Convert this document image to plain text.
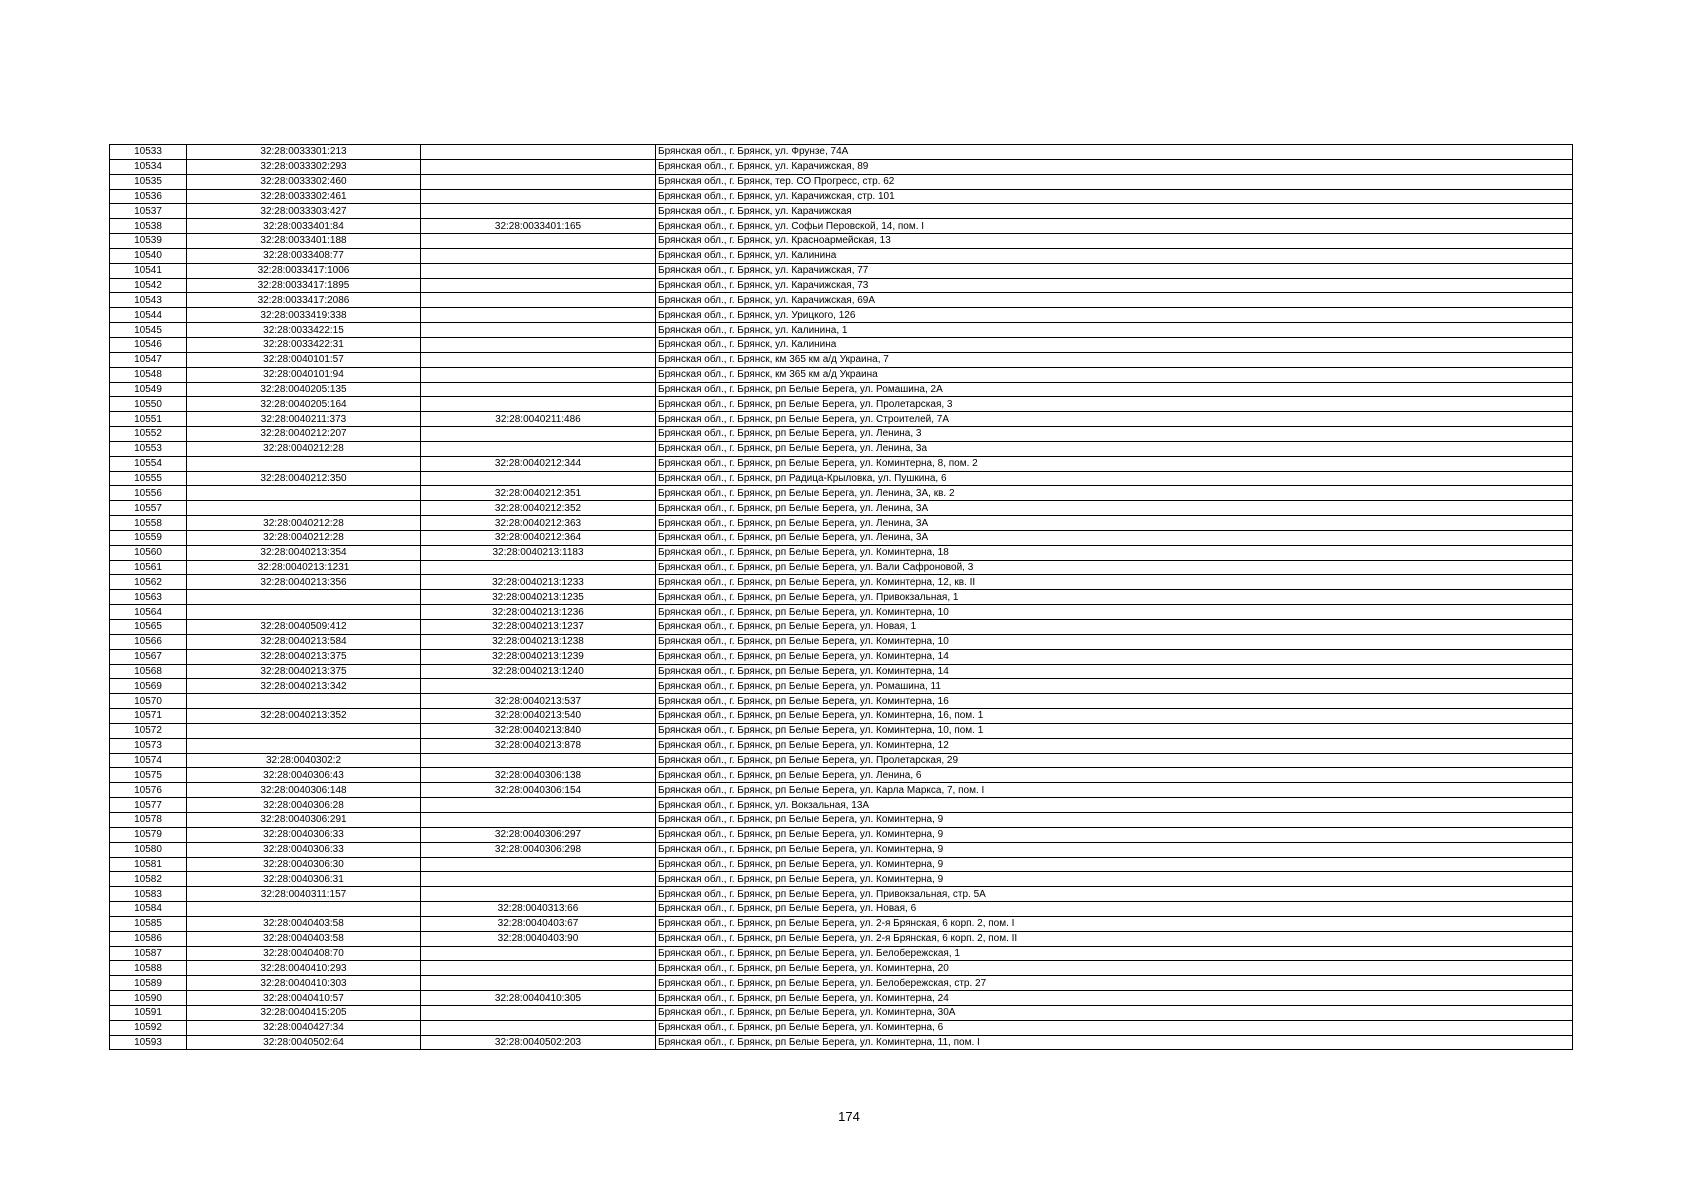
10533	32:28:0033301:213		Брянская обл., г. Брянск, ул. Фрунзе, 74А
10534	32:28:0033302:293		Брянская обл., г. Брянск, ул. Карачижская, 89
10535	32:28:0033302:460		Брянская обл., г. Брянск, тер. СО Прогресс, стр. 62
10536	32:28:0033302:461		Брянская обл., г. Брянск, ул. Карачижская, стр. 101
10537	32:28:0033303:427		Брянская обл., г. Брянск, ул. Карачижская
10538	32:28:0033401:84	32:28:0033401:165	Брянская обл., г. Брянск, ул. Софьи Перовской, 14, пом. I
10539	32:28:0033401:188		Брянская обл., г. Брянск, ул. Красноармейская, 13
10540	32:28:0033408:77		Брянская обл., г. Брянск, ул. Калинина
10541	32:28:0033417:1006		Брянская обл., г. Брянск, ул. Карачижская, 77
10542	32:28:0033417:1895		Брянская обл., г. Брянск, ул. Карачижская, 73
10543	32:28:0033417:2086		Брянская обл., г. Брянск, ул. Карачижская, 69А
10544	32:28:0033419:338		Брянская обл., г. Брянск, ул. Урицкого, 126
10545	32:28:0033422:15		Брянская обл., г. Брянск, ул. Калинина, 1
10546	32:28:0033422:31		Брянская обл., г. Брянск, ул. Калинина
10547	32:28:0040101:57		Брянская обл., г. Брянск, км 365 км а/д Украина, 7
10548	32:28:0040101:94		Брянская обл., г. Брянск, км 365 км а/д Украина
10549	32:28:0040205:135		Брянская обл., г. Брянск, рп Белые Берега, ул. Ромашина, 2А
10550	32:28:0040205:164		Брянская обл., г. Брянск, рп Белые Берега, ул. Пролетарская, 3
10551	32:28:0040211:373	32:28:0040211:486	Брянская обл., г. Брянск, рп Белые Берега, ул. Строителей, 7А
10552	32:28:0040212:207		Брянская обл., г. Брянск, рп Белые Берега, ул. Ленина, 3
10553	32:28:0040212:28		Брянская обл., г. Брянск, рп Белые Берега, ул. Ленина, 3а
10554		32:28:0040212:344	Брянская обл., г. Брянск, рп Белые Берега, ул. Коминтерна, 8, пом. 2
10555	32:28:0040212:350		Брянская обл., г. Брянск, рп Радица-Крыловка, ул. Пушкина, 6
10556		32:28:0040212:351	Брянская обл., г. Брянск, рп Белые Берега, ул. Ленина, 3А, кв. 2
10557		32:28:0040212:352	Брянская обл., г. Брянск, рп Белые Берега, ул. Ленина, 3А
10558	32:28:0040212:28	32:28:0040212:363	Брянская обл., г. Брянск, рп Белые Берега, ул. Ленина, 3А
10559	32:28:0040212:28	32:28:0040212:364	Брянская обл., г. Брянск, рп Белые Берега, ул. Ленина, 3А
10560	32:28:0040213:354	32:28:0040213:1183	Брянская обл., г. Брянск, рп Белые Берега, ул. Коминтерна, 18
10561	32:28:0040213:1231		Брянская обл., г. Брянск, рп Белые Берега, ул. Вали Сафроновой, 3
10562	32:28:0040213:356	32:28:0040213:1233	Брянская обл., г. Брянск, рп Белые Берега, ул. Коминтерна, 12, кв. II
10563		32:28:0040213:1235	Брянская обл., г. Брянск, рп Белые Берега, ул. Привокзальная, 1
10564		32:28:0040213:1236	Брянская обл., г. Брянск, рп Белые Берега, ул. Коминтерна, 10
10565	32:28:0040509:412	32:28:0040213:1237	Брянская обл., г. Брянск, рп Белые Берега, ул. Новая, 1
10566	32:28:0040213:584	32:28:0040213:1238	Брянская обл., г. Брянск, рп Белые Берега, ул. Коминтерна, 10
10567	32:28:0040213:375	32:28:0040213:1239	Брянская обл., г. Брянск, рп Белые Берега, ул. Коминтерна, 14
10568	32:28:0040213:375	32:28:0040213:1240	Брянская обл., г. Брянск, рп Белые Берега, ул. Коминтерна, 14
10569	32:28:0040213:342		Брянская обл., г. Брянск, рп Белые Берега, ул. Ромашина, 11
10570		32:28:0040213:537	Брянская обл., г. Брянск, рп Белые Берега, ул. Коминтерна, 16
10571	32:28:0040213:352	32:28:0040213:540	Брянская обл., г. Брянск, рп Белые Берега, ул. Коминтерна, 16, пом. 1
10572		32:28:0040213:840	Брянская обл., г. Брянск, рп Белые Берега, ул. Коминтерна, 10, пом. 1
10573		32:28:0040213:878	Брянская обл., г. Брянск, рп Белые Берега, ул. Коминтерна, 12
10574	32:28:0040302:2		Брянская обл., г. Брянск, рп Белые Берега, ул. Пролетарская, 29
10575	32:28:0040306:43	32:28:0040306:138	Брянская обл., г. Брянск, рп Белые Берега, ул. Ленина, 6
10576	32:28:0040306:148	32:28:0040306:154	Брянская обл., г. Брянск, рп Белые Берега, ул. Карла Маркса, 7, пом. I
10577	32:28:0040306:28		Брянская обл., г. Брянск, ул. Вокзальная, 13А
10578	32:28:0040306:291		Брянская обл., г. Брянск, рп Белые Берега, ул. Коминтерна, 9
10579	32:28:0040306:33	32:28:0040306:297	Брянская обл., г. Брянск, рп Белые Берега, ул. Коминтерна, 9
10580	32:28:0040306:33	32:28:0040306:298	Брянская обл., г. Брянск, рп Белые Берега, ул. Коминтерна, 9
10581	32:28:0040306:30		Брянская обл., г. Брянск, рп Белые Берега, ул. Коминтерна, 9
10582	32:28:0040306:31		Брянская обл., г. Брянск, рп Белые Берега, ул. Коминтерна, 9
10583	32:28:0040311:157		Брянская обл., г. Брянск, рп Белые Берега, ул. Привокзальная, стр. 5А
10584		32:28:0040313:66	Брянская обл., г. Брянск, рп Белые Берега, ул. Новая, 6
10585	32:28:0040403:58	32:28:0040403:67	Брянская обл., г. Брянск, рп Белые Берега, ул. 2-я Брянская, 6 корп. 2, пом. I
10586	32:28:0040403:58	32:28:0040403:90	Брянская обл., г. Брянск, рп Белые Берега, ул. 2-я Брянская, 6 корп. 2, пом. II
10587	32:28:0040408:70		Брянская обл., г. Брянск, рп Белые Берега, ул. Белобережская, 1
10588	32:28:0040410:293		Брянская обл., г. Брянск, рп Белые Берега, ул. Коминтерна, 20
10589	32:28:0040410:303		Брянская обл., г. Брянск, рп Белые Берега, ул. Белобережская, стр. 27
10590	32:28:0040410:57	32:28:0040410:305	Брянская обл., г. Брянск, рп Белые Берега, ул. Коминтерна, 24
10591	32:28:0040415:205		Брянская обл., г. Брянск, рп Белые Берега, ул. Коминтерна, 30А
10592	32:28:0040427:34		Брянская обл., г. Брянск, рп Белые Берега, ул. Коминтерна, 6
10593	32:28:0040502:64	32:28:0040502:203	Брянская обл., г. Брянск, рп Белые Берега, ул. Коминтерна, 11, пом. I
174
